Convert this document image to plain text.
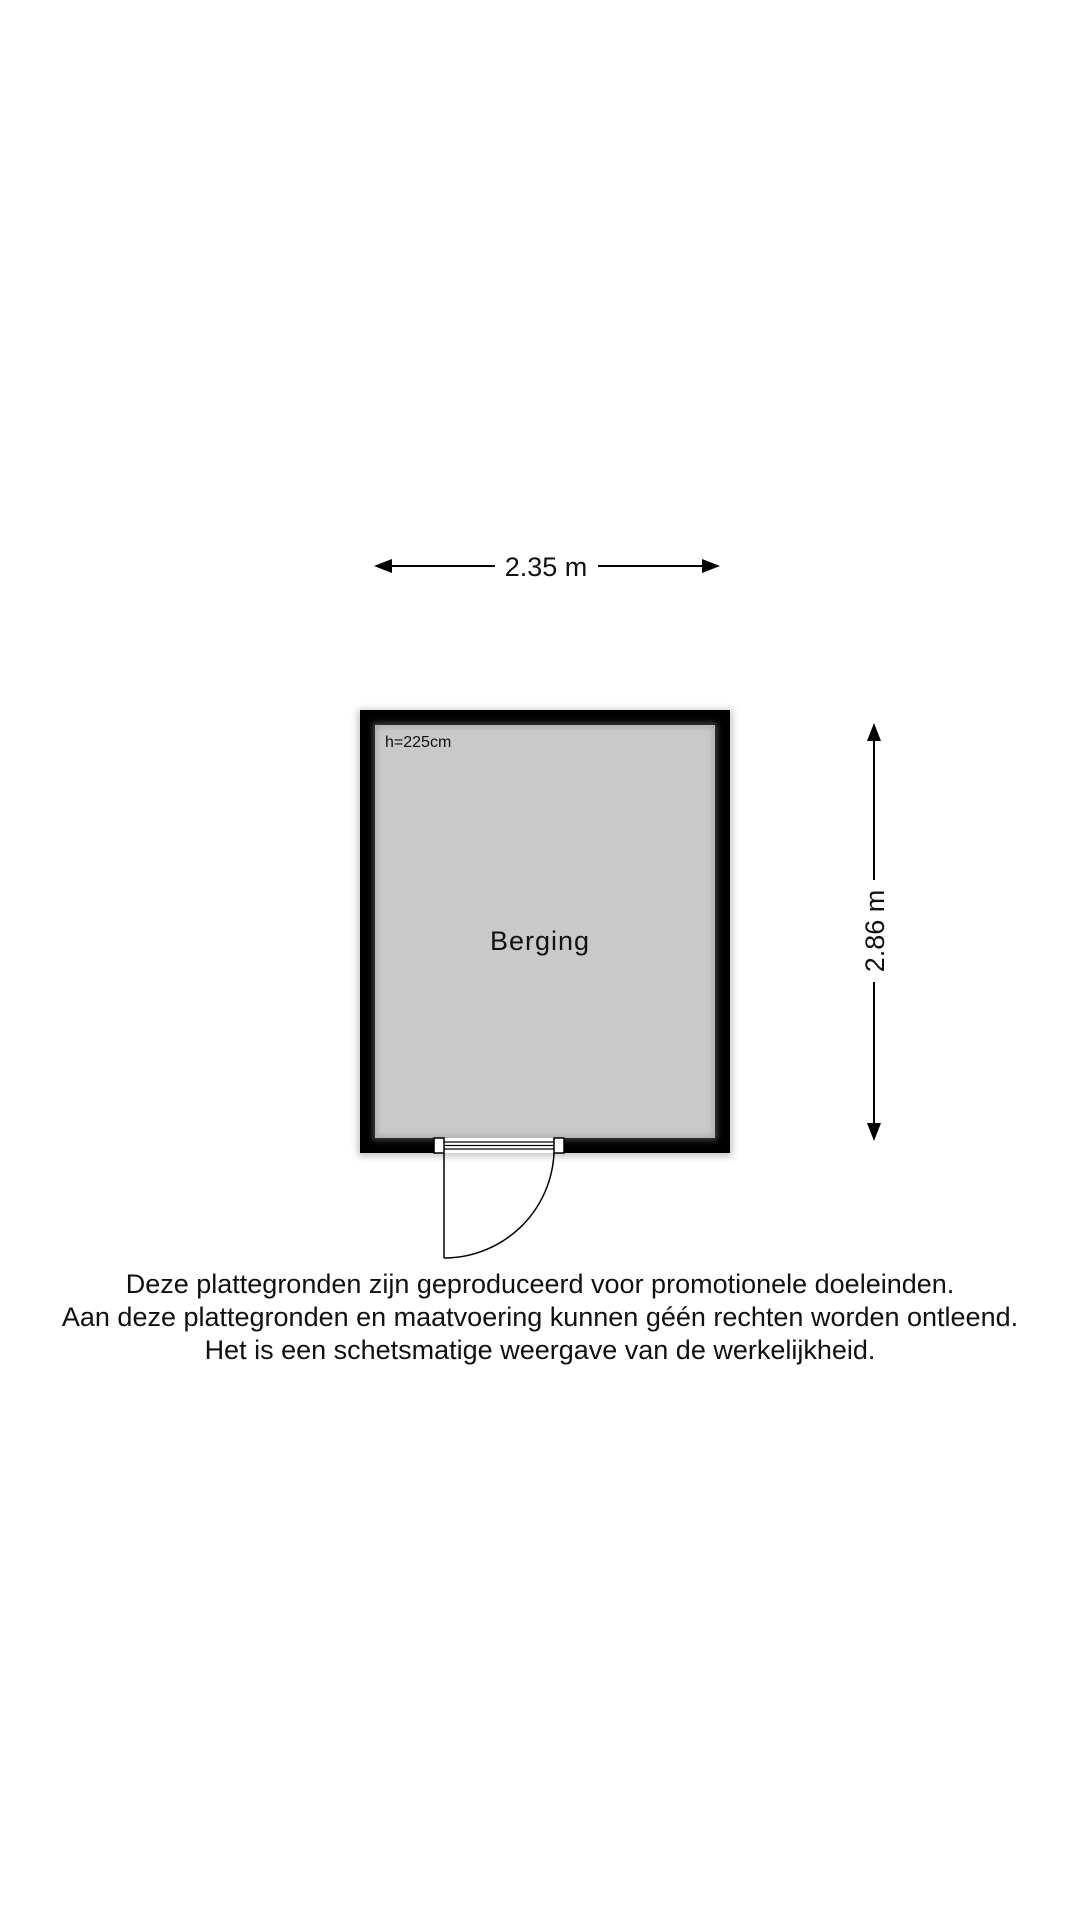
2.35 m
2.86 m
h=225cm
Berging
Deze plattegronden zijn geproduceerd voor promotionele doeleinden.
Aan deze plattegronden en maatvoering kunnen géén rechten worden ontleend.
Het is een schetsmatige weergave van de werkelijkheid.
